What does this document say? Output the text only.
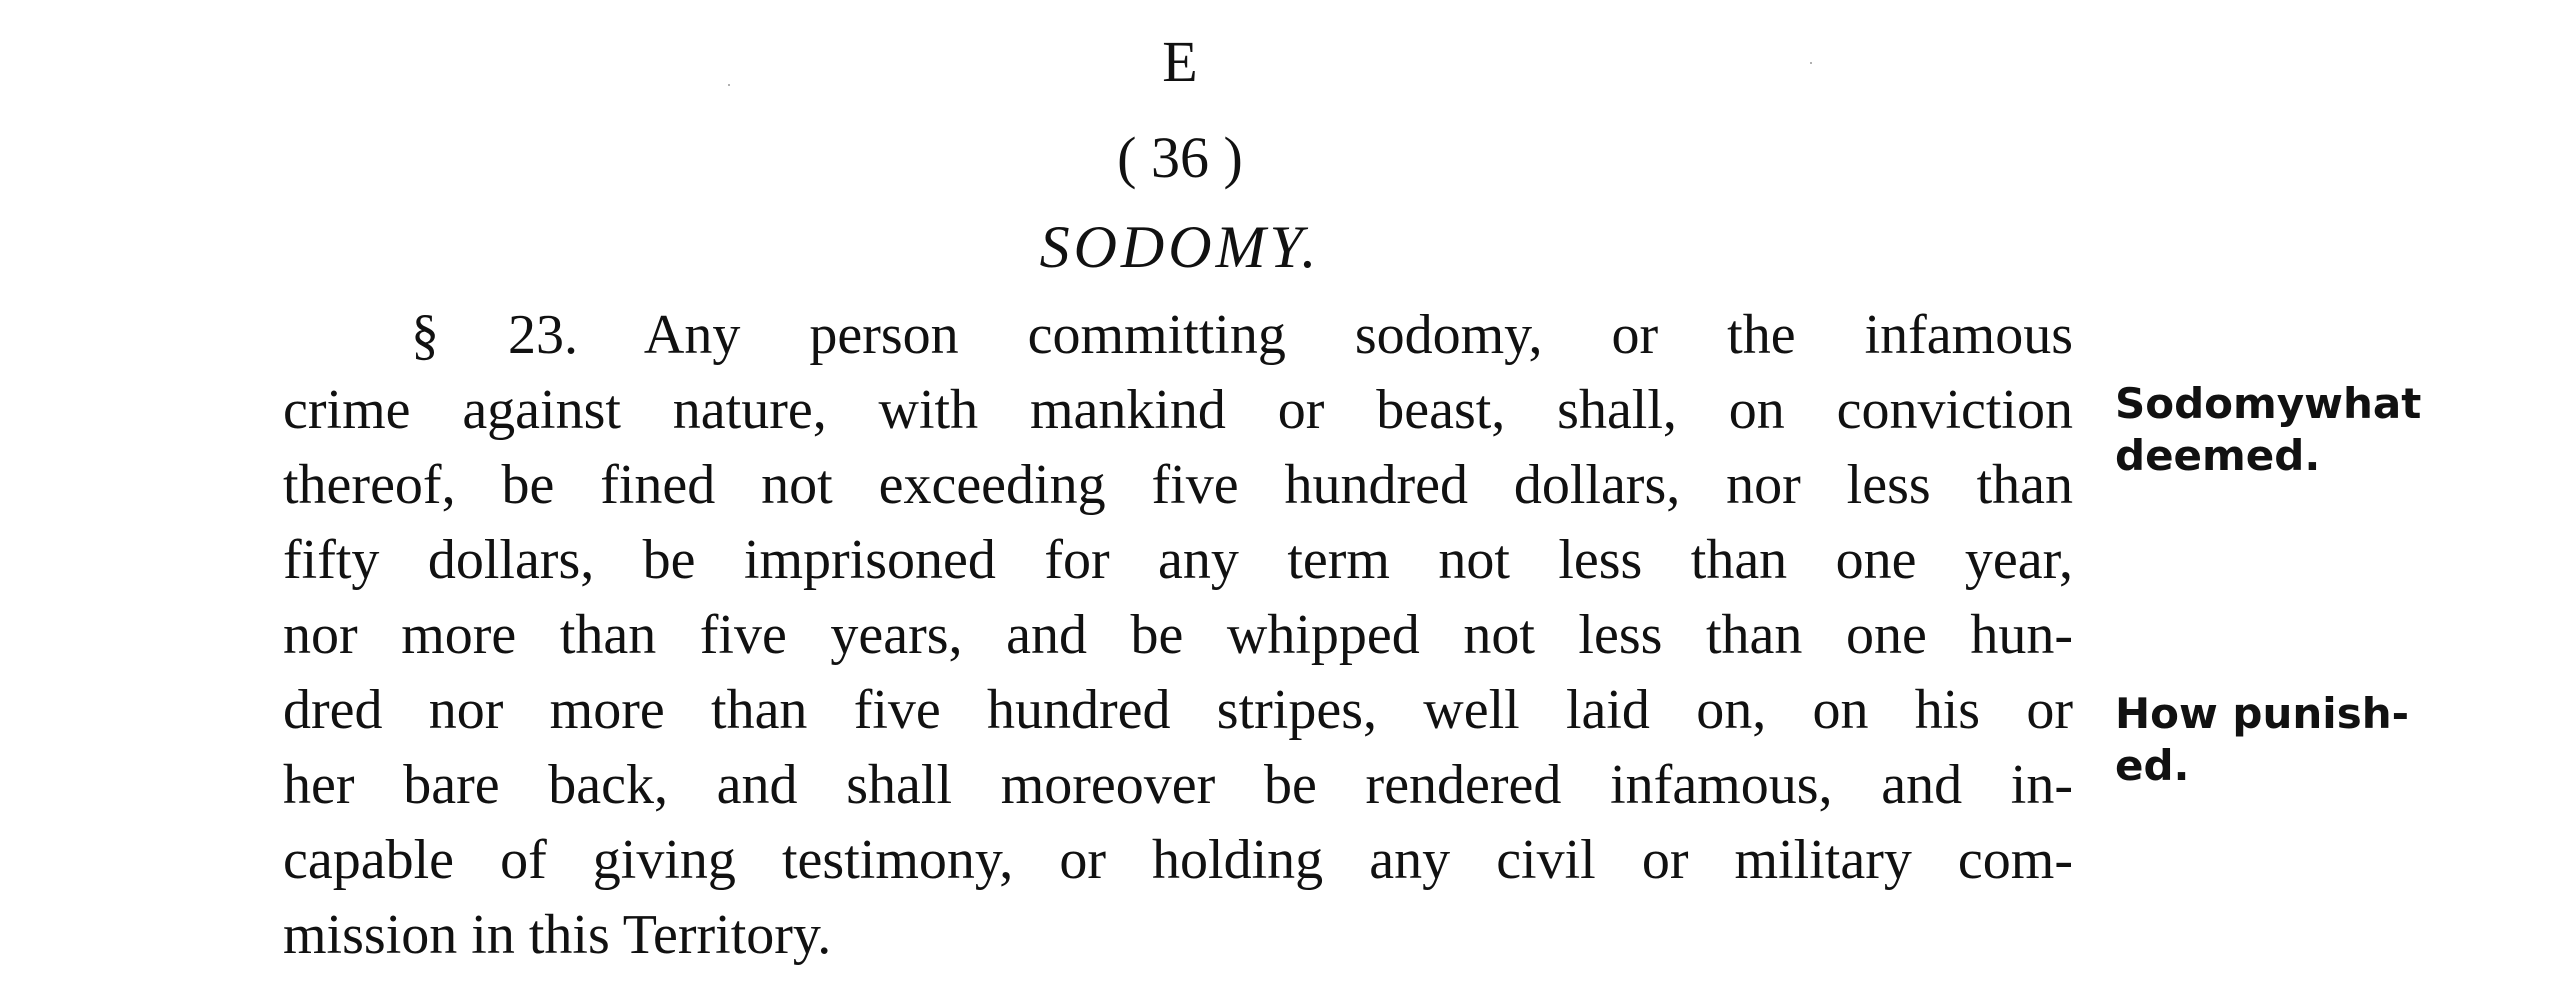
E
( 36 )
SODOMY.
§ 23. Any person committing sodomy, or the infamous
crime against nature, with mankind or beast, shall, on conviction
thereof, be fined not exceeding five hundred dollars, nor less than
fifty dollars, be imprisoned for any term not less than one year,
nor more than five years, and be whipped not less than one hun-
dred nor more than five hundred stripes, well laid on, on his or
her bare back, and shall moreover be rendered infamous, and in-
capable of giving testimony, or holding any civil or military com-
mission in this Territory.
Sodomywhat
deemed.
How punish-
ed.
